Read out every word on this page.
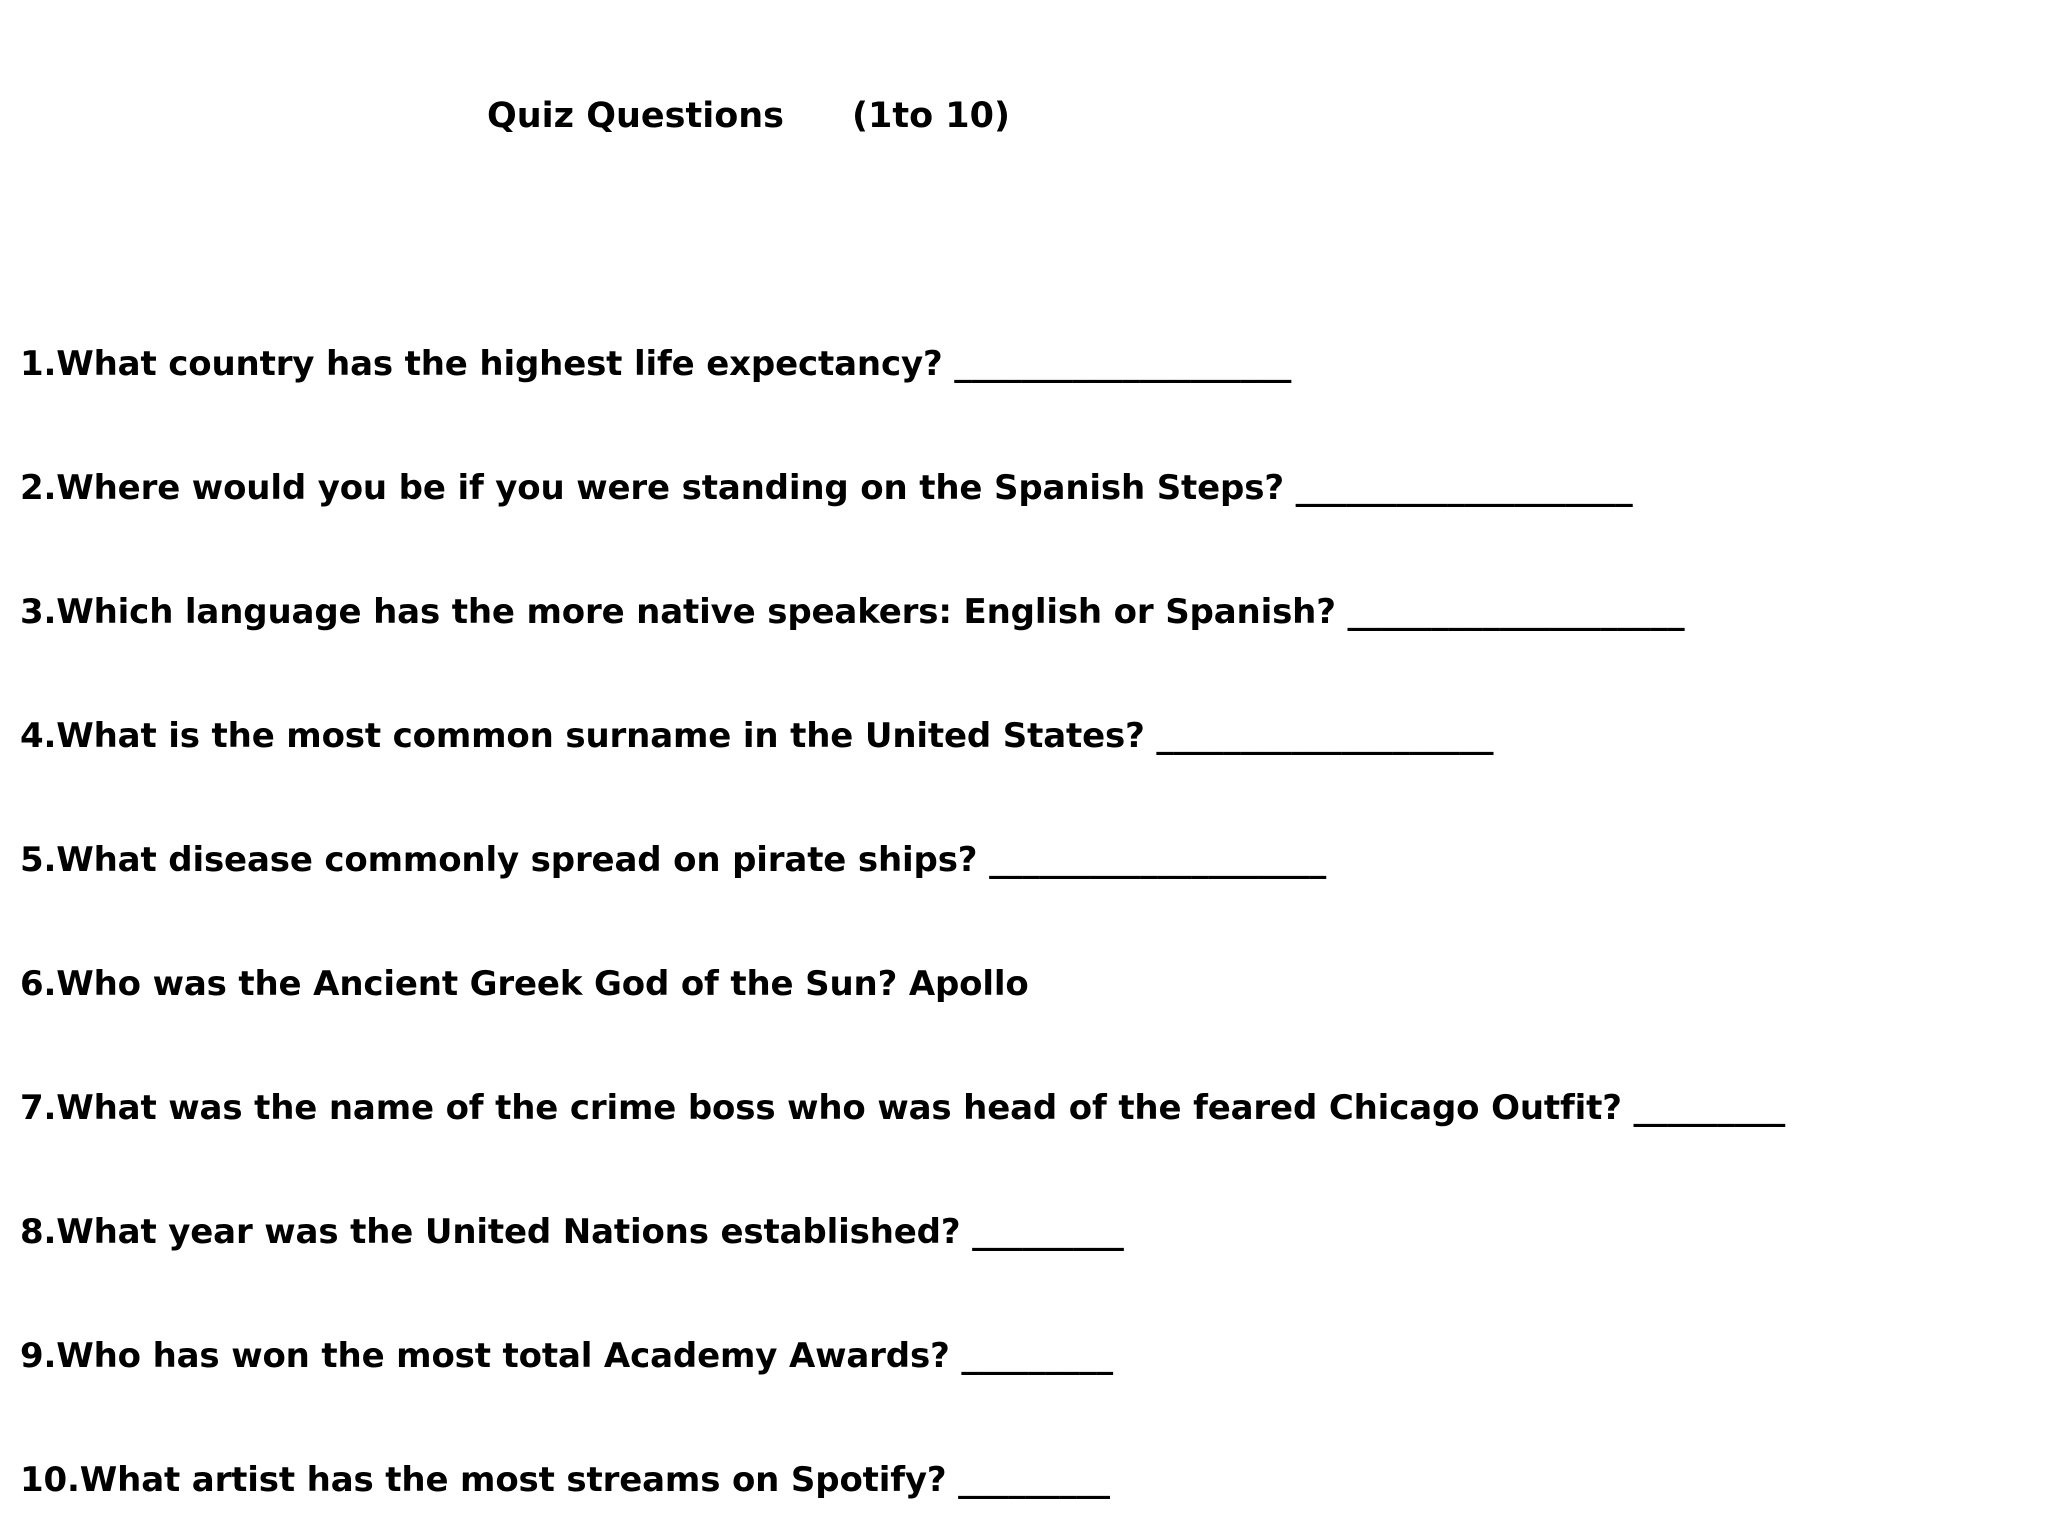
Quiz Questions (1to 10)
1.What country has the highest life expectancy? ____________________
2.Where would you be if you were standing on the Spanish Steps? ____________________
3.Which language has the more native speakers: English or Spanish? ____________________
4.What is the most common surname in the United States? ____________________
5.What disease commonly spread on pirate ships? ____________________
6.Who was the Ancient Greek God of the Sun? Apollo
7.What was the name of the crime boss who was head of the feared Chicago Outfit? _________
8.What year was the United Nations established? _________
9.Who has won the most total Academy Awards? _________
10.What artist has the most streams on Spotify? _________
